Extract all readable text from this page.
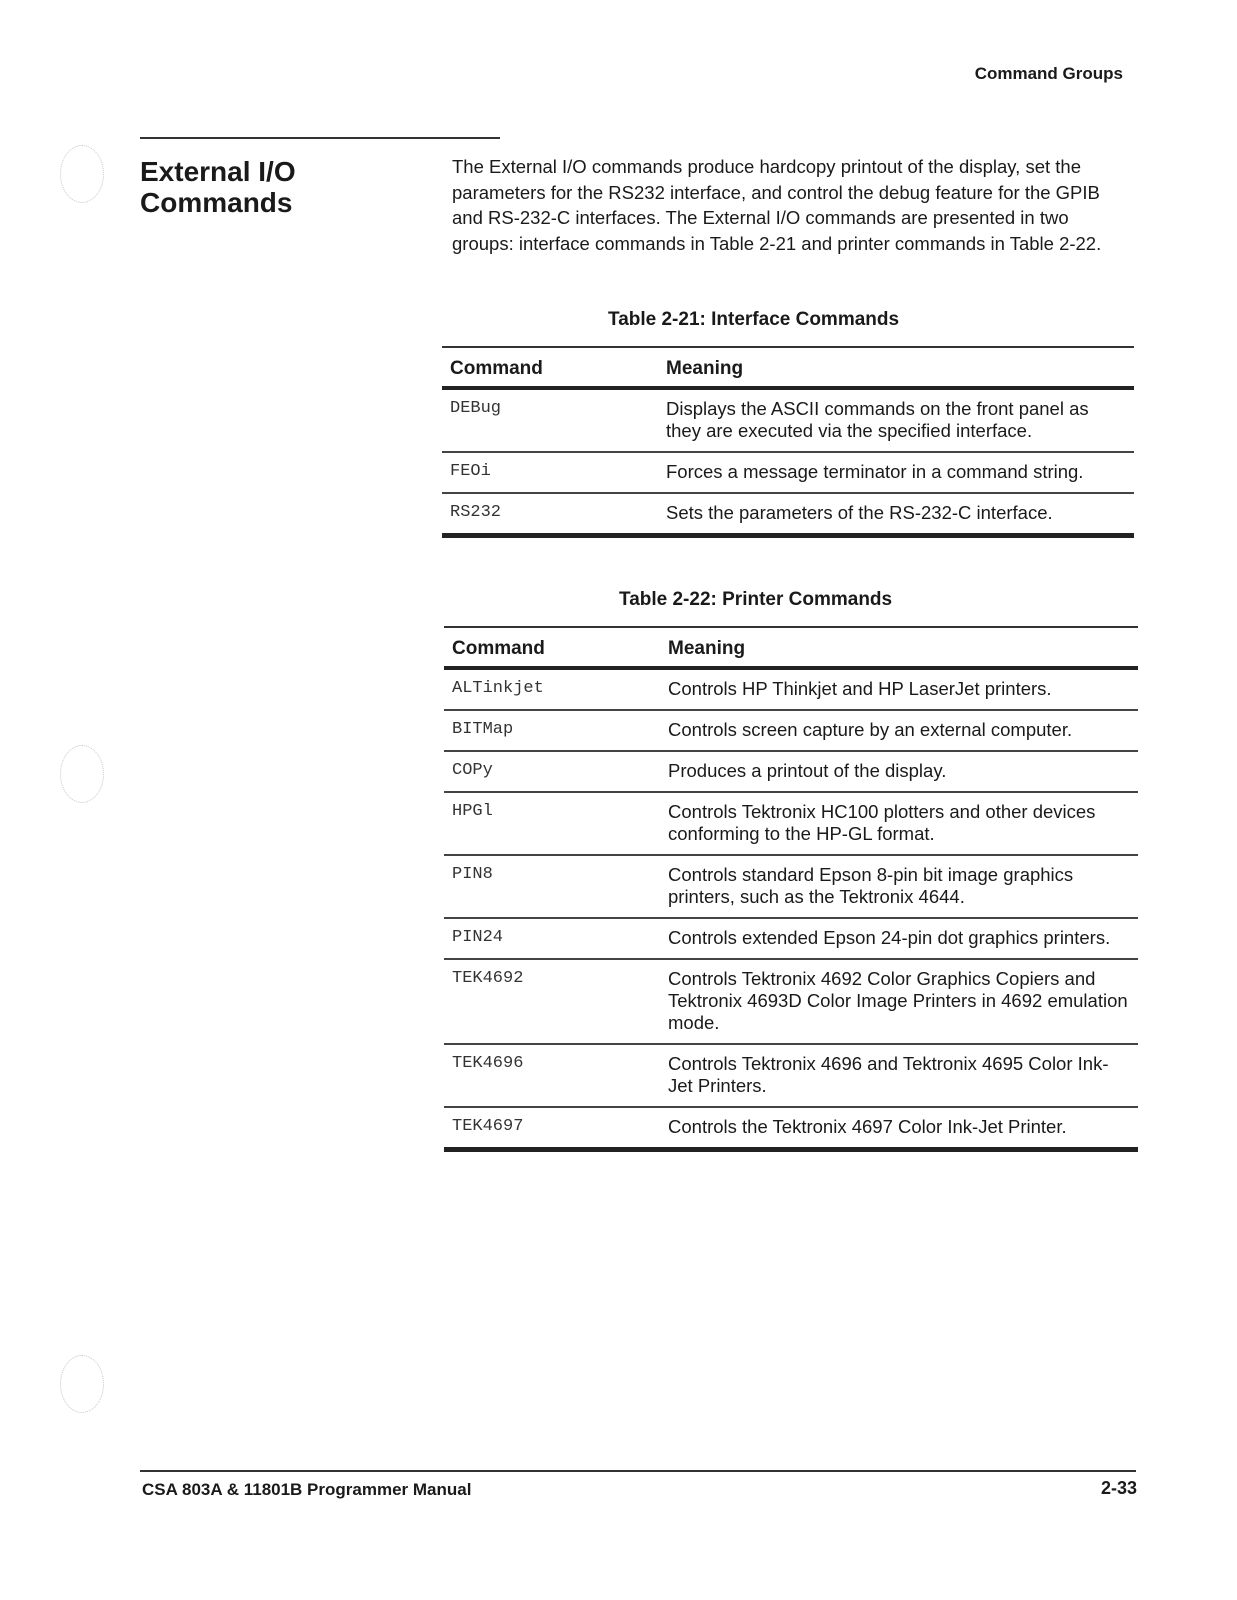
Command Groups
External I/O
Commands

The External I/O commands produce hardcopy printout of the display, set the parameters for the RS232 interface, and control the debug feature for the GPIB and RS-232-C interfaces. The External I/O commands are presented in two groups: interface commands in Table 2-21 and printer commands in Table 2-22.

Table 2-21: Interface Commands

Command	Meaning
DEBug	Displays the ASCII commands on the front panel as they are executed via the specified interface.
FEOi	Forces a message terminator in a command string.
RS232	Sets the parameters of the RS-232-C interface.

Table 2-22: Printer Commands

Command	Meaning
ALTinkjet	Controls HP Thinkjet and HP LaserJet printers.
BITMap	Controls screen capture by an external computer.
COPy	Produces a printout of the display.
HPGl	Controls Tektronix HC100 plotters and other devices conforming to the HP-GL format.
PIN8	Controls standard Epson 8-pin bit image graphics printers, such as the Tektronix 4644.
PIN24	Controls extended Epson 24-pin dot graphics printers.
TEK4692	Controls Tektronix 4692 Color Graphics Copiers and Tektronix 4693D Color Image Printers in 4692 emulation mode.
TEK4696	Controls Tektronix 4696 and Tektronix 4695 Color Ink-Jet Printers.
TEK4697	Controls the Tektronix 4697 Color Ink-Jet Printer.
CSA 803A & 11801B Programmer Manual	2-33
